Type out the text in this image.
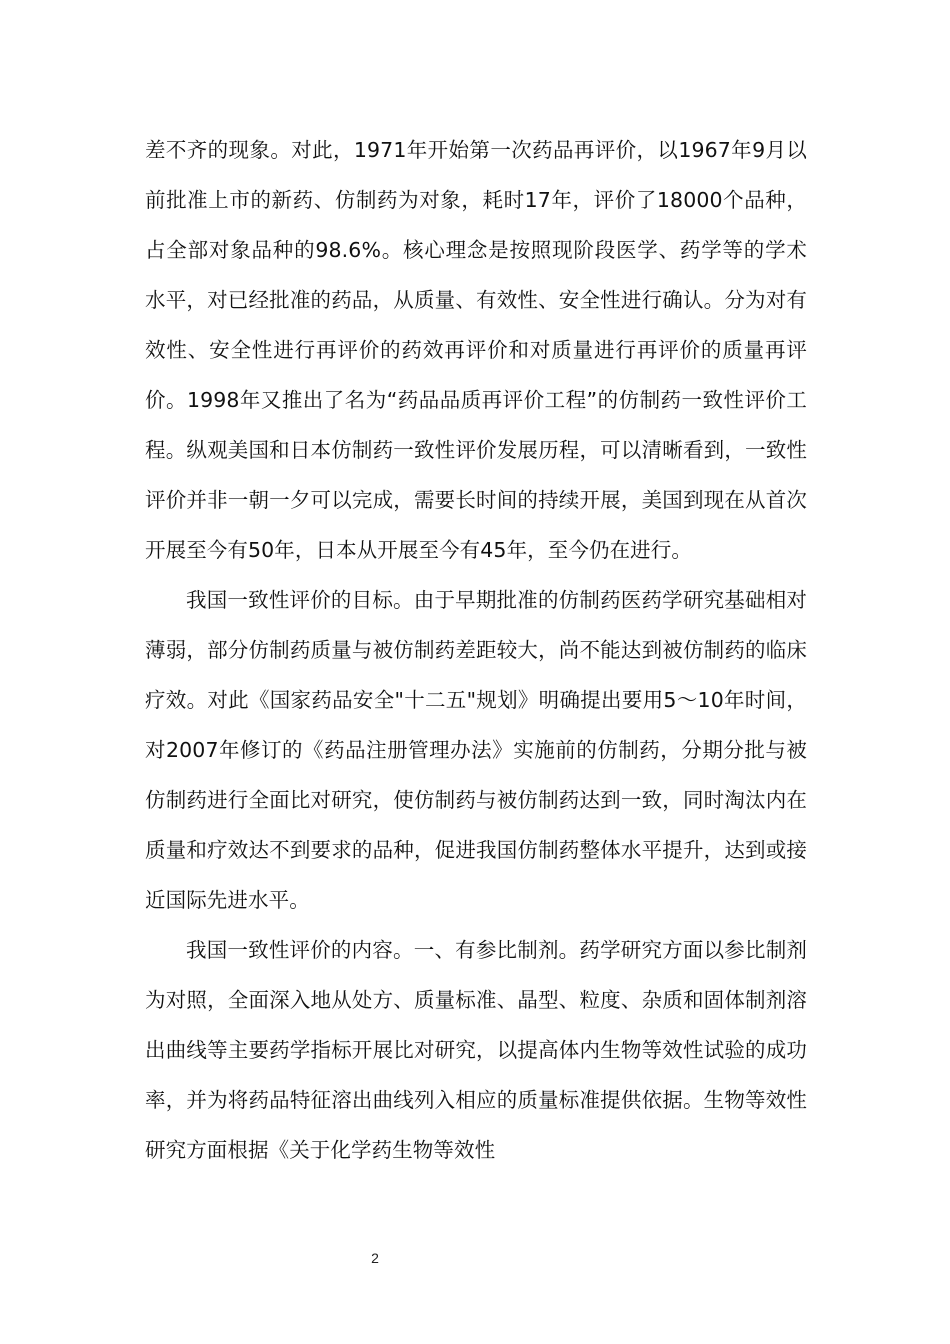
差不齐的现象。对此，1971年开始第一次药品再评价，以1967年9月以前批准上市的新药、仿制药为对象，耗时17年，评价了18000个品种，占全部对象品种的98.6%。核心理念是按照现阶段医学、药学等的学术水平，对已经批准的药品，从质量、有效性、安全性进行确认。分为对有效性、安全性进行再评价的药效再评价和对质量进行再评价的质量再评价。1998年又推出了名为“药品品质再评价工程”的仿制药一致性评价工程。纵观美国和日本仿制药一致性评价发展历程，可以清晰看到，一致性评价并非一朝一夕可以完成，需要长时间的持续开展，美国到现在从首次开展至今有50年，日本从开展至今有45年，至今仍在进行。

我国一致性评价的目标。由于早期批准的仿制药医药学研究基础相对薄弱，部分仿制药质量与被仿制药差距较大，尚不能达到被仿制药的临床疗效。对此《国家药品安全"十二五"规划》明确提出要用5～10年时间，对2007年修订的《药品注册管理办法》实施前的仿制药，分期分批与被仿制药进行全面比对研究，使仿制药与被仿制药达到一致，同时淘汰内在质量和疗效达不到要求的品种，促进我国仿制药整体水平提升，达到或接近国际先进水平。

我国一致性评价的内容。一、有参比制剂。药学研究方面以参比制剂为对照，全面深入地从处方、质量标准、晶型、粒度、杂质和固体制剂溶出曲线等主要药学指标开展比对研究，以提高体内生物等效性试验的成功率，并为将药品特征溶出曲线列入相应的质量标准提供依据。生物等效性研究方面根据《关于化学药生物等效性

2
